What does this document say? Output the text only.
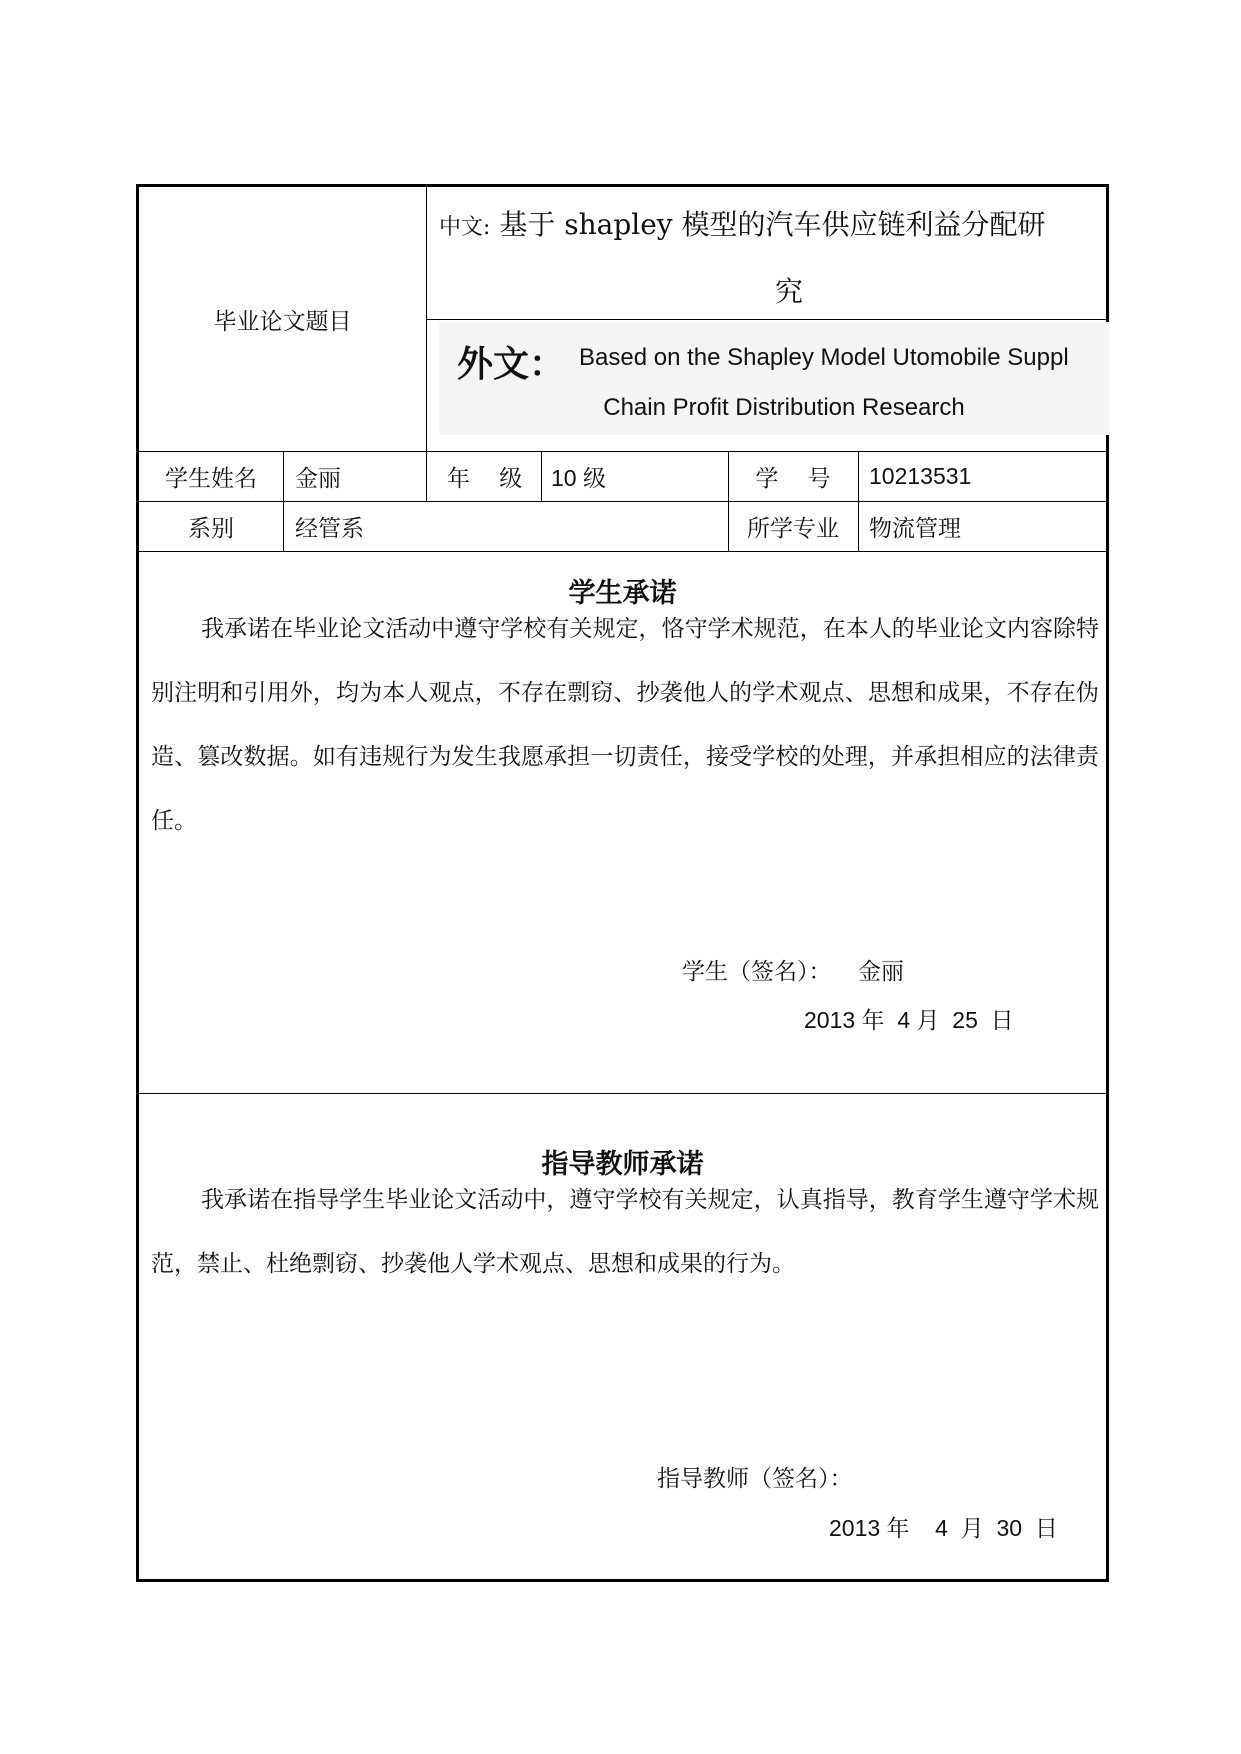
毕业论文题目
中文: 基于 shapley 模型的汽车供应链利益分配研
究
外文： Based on the Shapley Model Utomobile Suppl
Chain Profit Distribution Research
学生姓名	金丽	年    级	10 级	学    号	10213531
系别	经管系	所学专业	物流管理
学生承诺
我承诺在毕业论文活动中遵守学校有关规定，恪守学术规范，在本人的毕业论文内容除特别注明和引用外，均为本人观点，不存在剽窃、抄袭他人的学术观点、思想和成果，不存在伪造、篡改数据。如有违规行为发生我愿承担一切责任，接受学校的处理，并承担相应的法律责任。
学生（签名）： 金丽
2013 年  4 月  25  日
指导教师承诺
我承诺在指导学生毕业论文活动中，遵守学校有关规定，认真指导，教育学生遵守学术规范，禁止、杜绝剽窃、抄袭他人学术观点、思想和成果的行为。
指导教师（签名）：
2013 年    4  月  30  日
